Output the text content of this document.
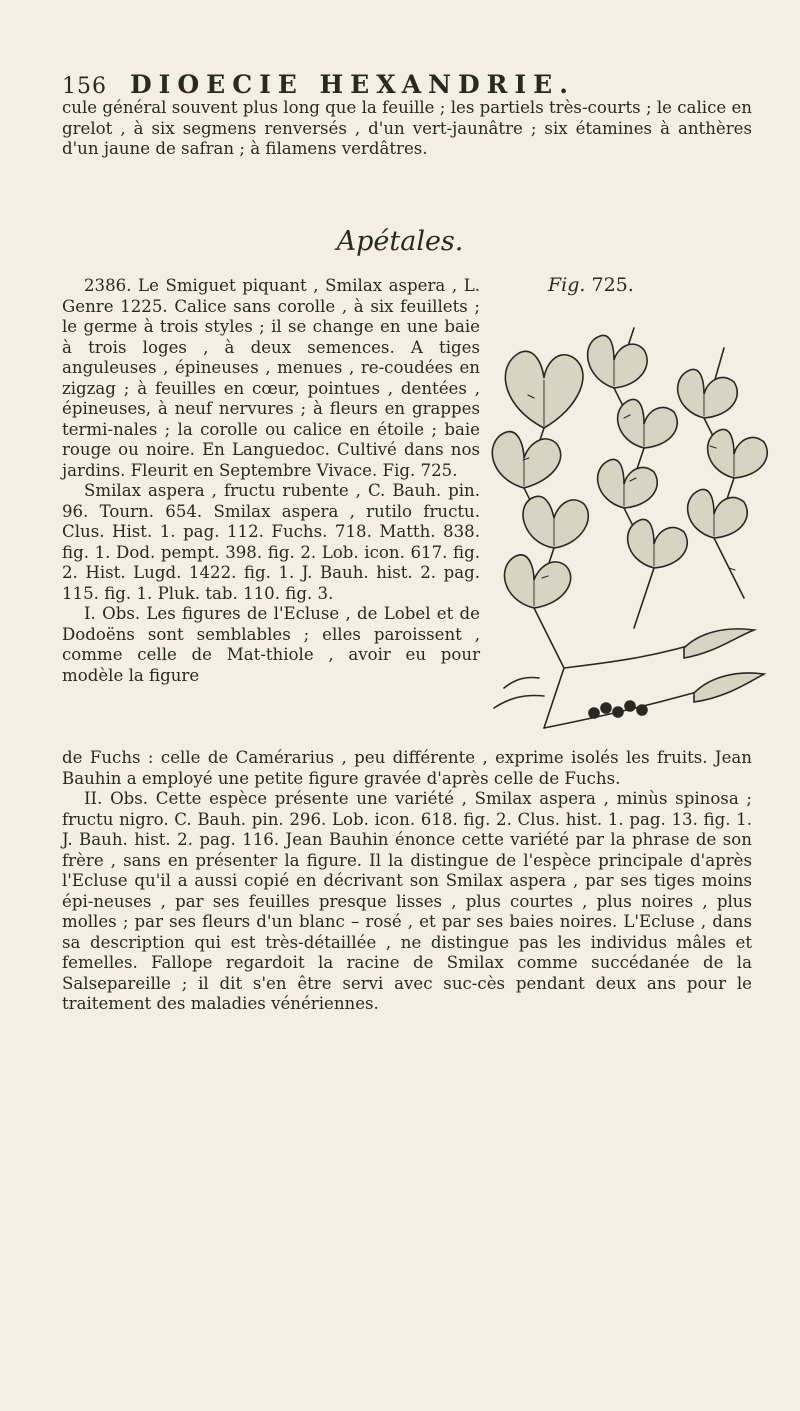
156 DIOECIE HEXANDRIE.

cule général souvent plus long que la feuille ; les partiels très-courts ; le calice en grelot , à six segmens renversés , d'un vert-jaunâtre ; six étamines à anthères d'un jaune de safran ; à filamens verdâtres.

Apétales.

2386. Le Smiguet piquant , Smilax aspera , L. Genre 1225. Calice sans corolle , à six feuillets ; le germe à trois styles ; il se change en une baie à trois loges , à deux semences. A tiges anguleuses , épineuses , menues , re-coudées en zigzag ; à feuilles en cœur, pointues , dentées , épineuses, à neuf nervures ; à fleurs en grappes termi-nales ; la corolle ou calice en étoile ; baie rouge ou noire. En Languedoc. Cultivé dans nos jardins. Fleurit en Septembre Vivace. Fig. 725.

Smilax aspera , fructu rubente , C. Bauh. pin. 96. Tourn. 654. Smilax aspera , rutilo fructu. Clus. Hist. 1. pag. 112. Fuchs. 718. Matth. 838. fig. 1. Dod. pempt. 398. fig. 2. Lob. icon. 617. fig. 2. Hist. Lugd. 1422. fig. 1. J. Bauh. hist. 2. pag. 115. fig. 1. Pluk. tab. 110. fig. 3.

I. Obs. Les figures de l'Ecluse , de Lobel et de Dodoëns sont semblables ; elles paroissent , comme celle de Mat-thiole , avoir eu pour modèle la figure

Fig. 725.

de Fuchs : celle de Camérarius , peu différente , exprime isolés les fruits. Jean Bauhin a employé une petite figure gravée d'après celle de Fuchs.

II. Obs. Cette espèce présente une variété , Smilax aspera , minùs spinosa ; fructu nigro. C. Bauh. pin. 296. Lob. icon. 618. fig. 2. Clus. hist. 1. pag. 13. fig. 1. J. Bauh. hist. 2. pag. 116. Jean Bauhin énonce cette variété par la phrase de son frère , sans en présenter la figure. Il la distingue de l'espèce principale d'après l'Ecluse qu'il a aussi copié en décrivant son Smilax aspera , par ses tiges moins épi-neuses , par ses feuilles presque lisses , plus courtes , plus noires , plus molles ; par ses fleurs d'un blanc – rosé , et par ses baies noires. L'Ecluse , dans sa description qui est très-détaillée , ne distingue pas les individus mâles et femelles. Fallope regardoit la racine de Smilax comme succédanée de la Salsepareille ; il dit s'en être servi avec suc-cès pendant deux ans pour le traitement des maladies vénériennes.
